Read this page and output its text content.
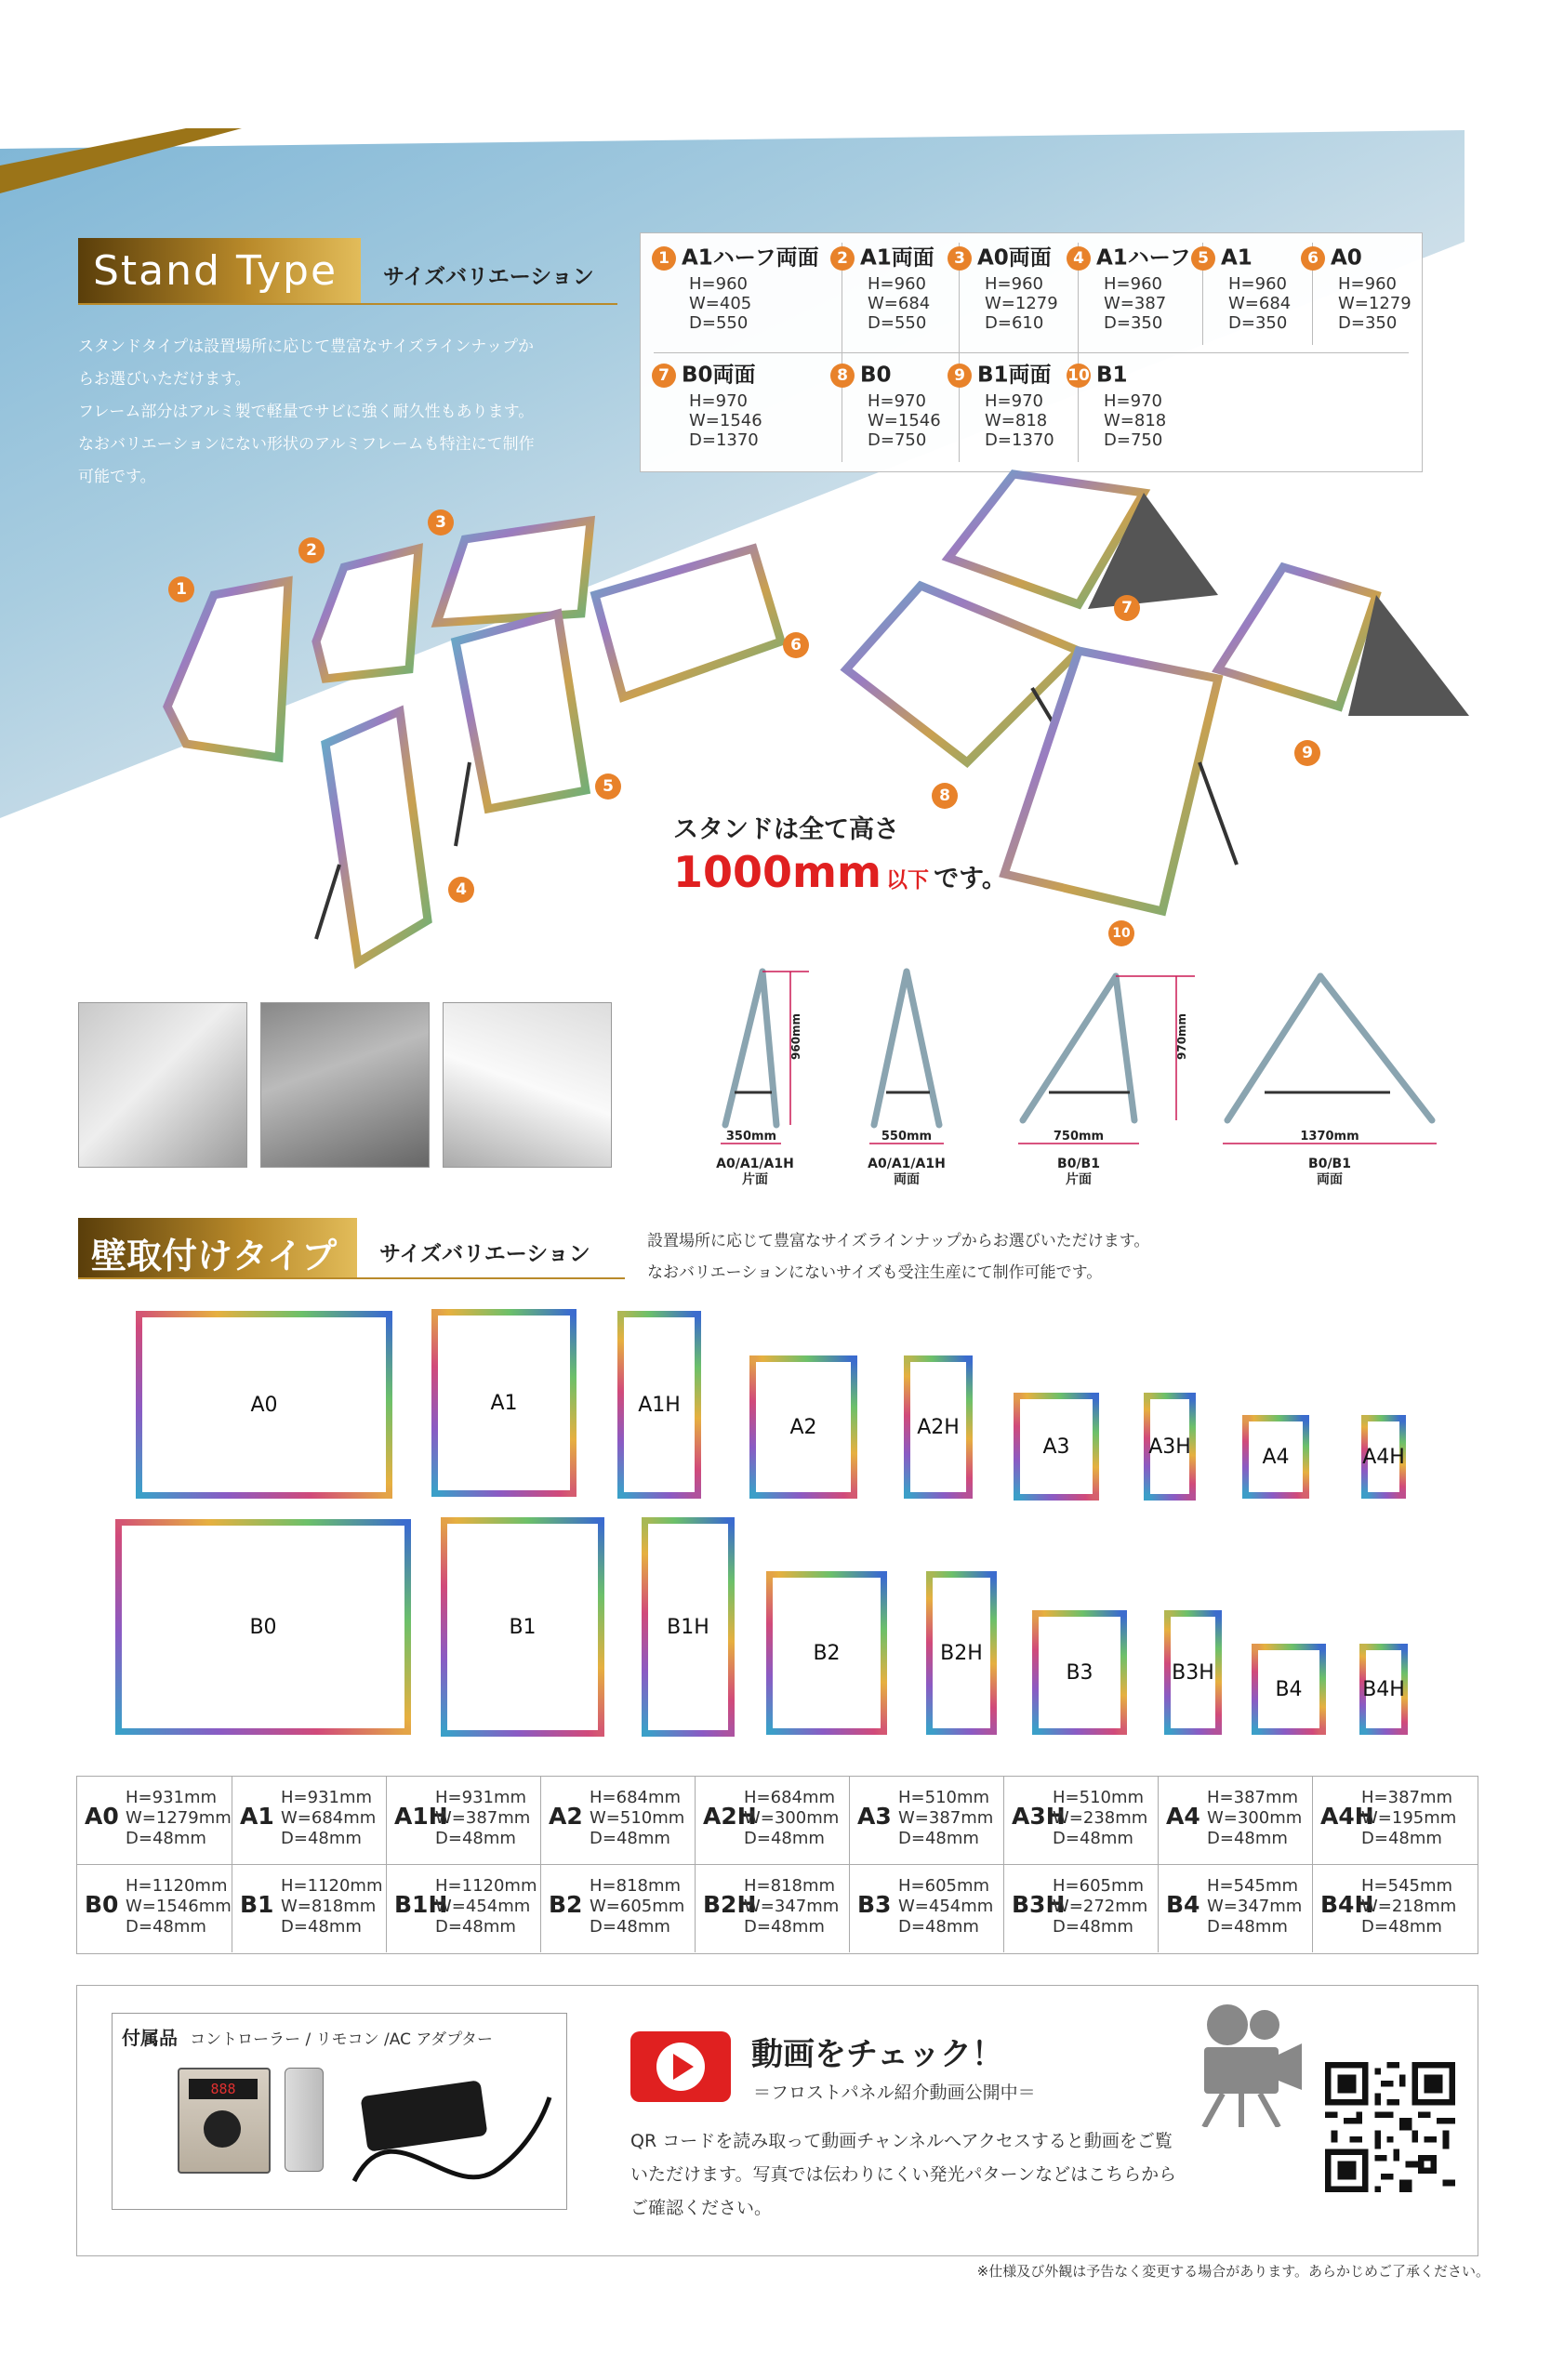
Stand Type サイズバリエーション

スタンドタイプは設置場所に応じて豊富なサイズラインナップか

らお選びいただけます。

フレーム部分はアルミ製で軽量でサビに強く耐久性もあります。

なおバリエーションにない形状のアルミフレームも特注にて制作

可能です。

1 A1ハーフ両面
H=960
W=405
D=550
2 A1両面
H=960
W=684
D=550
3 A0両面
H=960
W=1279
D=610
4 A1ハーフ
H=960
W=387
D=350
5 A1
H=960
W=684
D=350
6 A0
H=960
W=1279
D=350
7 B0両面
H=970
W=1546
D=1370
8 B0
H=970
W=1546
D=750
9 B1両面
H=970
W=818
D=1370
10 B1
H=970
W=818
D=750
1
2
3
4
5
6
7
8
9
10
スタンドは全て高さ
1000mm 以下 です。
960mm	970mm
350mm	550mm	750mm	1370mm
A0/A1/A1H
片面
A0/A1/A1H
両面
B0/B1
片面
B0/B1
両面
壁取付けタイプ サイズバリエーション
設置場所に応じて豊富なサイズラインナップからお選びいただけます。
なおバリエーションにないサイズも受注生産にて制作可能です。
A0	A1	A1H
A2	A2H
A3	A3H	A4	A4H
B0	B1	B1H
B2	B2H
B3	B3H
B4	B4H
A0
H=931mm
W=1279mm
D=48mm
A1
H=931mm
W=684mm
D=48mm
A1H
H=931mm
W=387mm
D=48mm
A2
H=684mm
W=510mm
D=48mm
A2H
H=684mm
W=300mm
D=48mm
A3
H=510mm
W=387mm
D=48mm
A3H
H=510mm
W=238mm
D=48mm
A4
H=387mm
W=300mm
D=48mm
A4H
H=387mm
W=195mm
D=48mm
B0
H=1120mm
W=1546mm
D=48mm
B1
H=1120mm
W=818mm
D=48mm
B1H
H=1120mm
W=454mm
D=48mm
B2
H=818mm
W=605mm
D=48mm
B2H
H=818mm
W=347mm
D=48mm
B3
H=605mm
W=454mm
D=48mm
B3H
H=605mm
W=272mm
D=48mm
B4
H=545mm
W=347mm
D=48mm
B4H
H=545mm
W=218mm
D=48mm
付属品 コントローラー / リモコン /AC アダプター
888
動画をチェック！
＝フロストパネル紹介動画公開中＝
QR コードを読み取って動画チャンネルへアクセスすると動画をご覧
いただけます。写真では伝わりにくい発光パターンなどはこちらから
ご確認ください。
※仕様及び外観は予告なく変更する場合があります。あらかじめご了承ください。
